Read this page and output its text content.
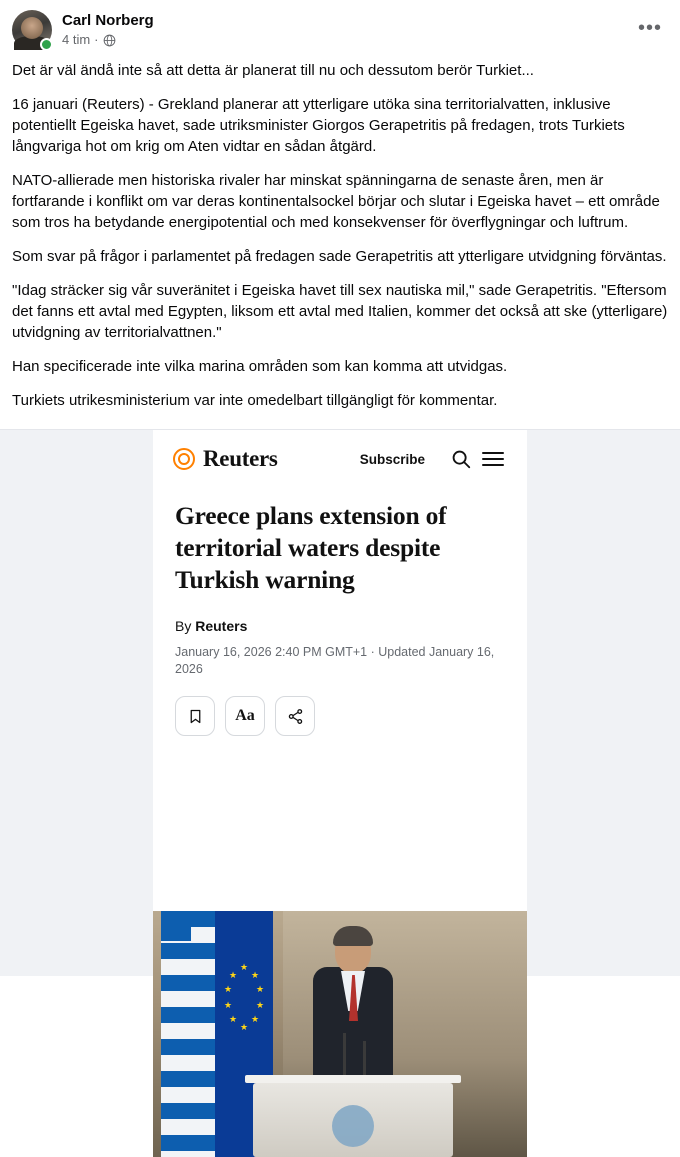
Carl Norberg
4 tim ·
•••

Det är väl ändå inte så att detta är planerat till nu och dessutom berör Turkiet...

16 januari (Reuters) - Grekland planerar att ytterligare utöka sina territorialvatten, inklusive potentiellt Egeiska havet, sade utriksminister Giorgos Gerapetritis på fredagen, trots Turkiets långvariga hot om krig om Aten vidtar en sådan åtgärd.

NATO-allierade men historiska rivaler har minskat spänningarna de senaste åren, men är fortfarande i konflikt om var deras kontinentalsockel börjar och slutar i Egeiska havet – ett område som tros ha betydande energipotential och med konsekvenser för överflygningar och luftrum.

Som svar på frågor i parlamentet på fredagen sade Gerapetritis att ytterligare utvidgning förväntas.

"Idag sträcker sig vår suveränitet i Egeiska havet till sex nautiska mil," sade Gerapetritis. "Eftersom det fanns ett avtal med Egypten, liksom ett avtal med Italien, kommer det också att ske (ytterligare) utvidgning av territorialvattnen."

Han specificerade inte vilka marina områden som kan komma att utvidgas.

Turkiets utrikesministerium var inte omedelbart tillgängligt för kommentar.

Reuters	Subscribe
Greece plans extension of territorial waters despite Turkish warning
By Reuters
January 16, 2026 2:40 PM GMT+1 · Updated January 16, 2026
Aa
★
★ ★
★	★
★	★
★ ★
★
